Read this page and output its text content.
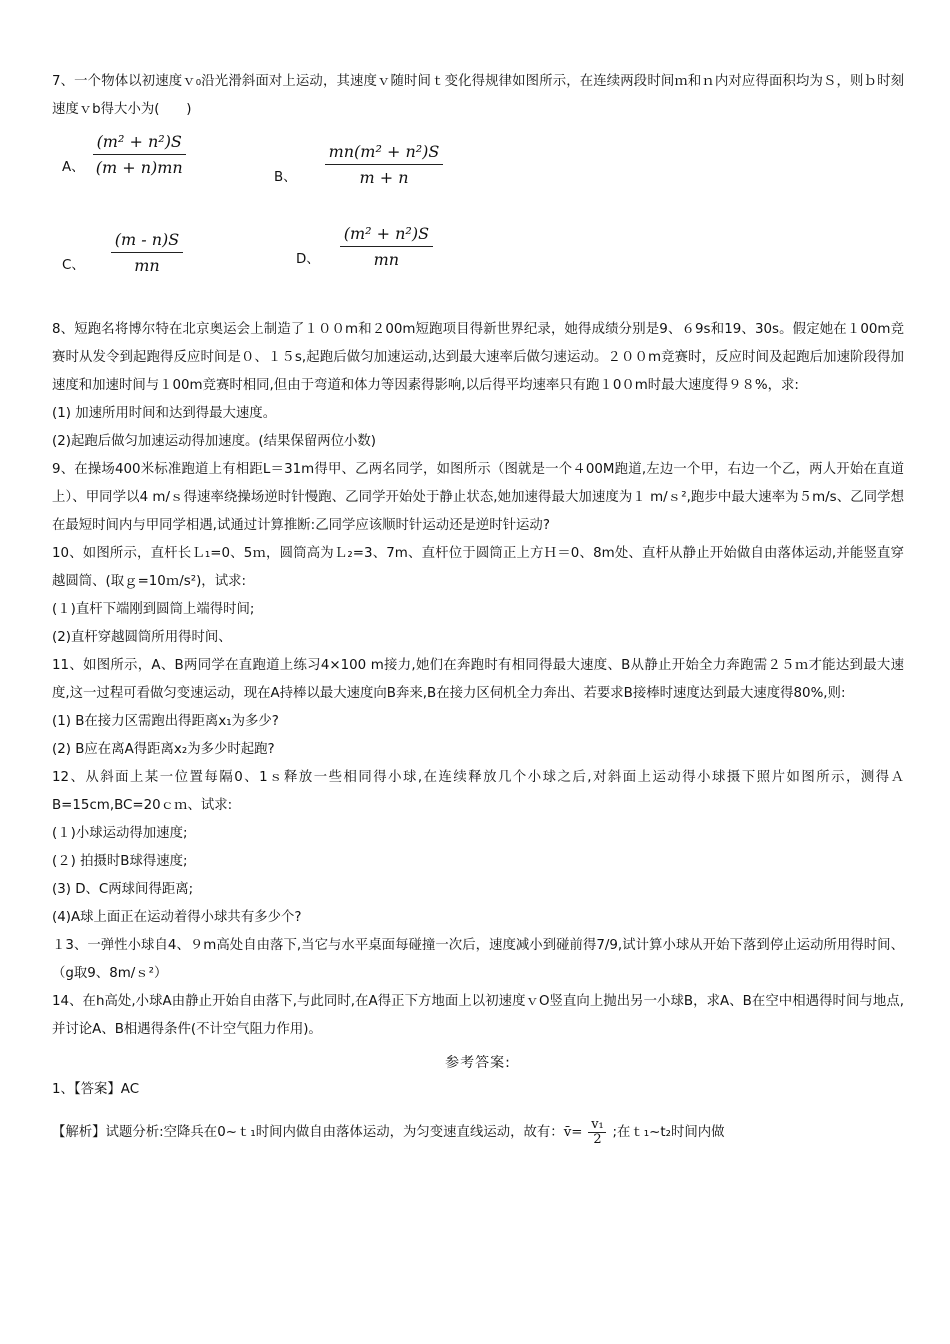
7、一个物体以初速度ｖ₀沿光滑斜面对上运动，其速度ｖ随时间ｔ变化得规律如图所示，在连续两段时间ｍ和ｎ内对应得面积均为Ｓ，则ｂ时刻速度ｖb得大小为(　　)

A、 $\frac{\text{(m² + n²)S}}{(m + n)mn}$
B、 $\frac{\text{mn(m² + n²)S}}{m + n}$
C、 $\frac{(m - n)S}{mn}$	D、 $\frac{\text{(m² + n²)S}}{mn}$

8、短跑名将博尔特在北京奥运会上制造了１００m和２00m短跑项目得新世界纪录，她得成绩分别是9、６9s和19、30s。假定她在１00m竞赛时从发令到起跑得反应时间是０、１５s,起跑后做匀加速运动,达到最大速率后做匀速运动。２００m竞赛时，反应时间及起跑后加速阶段得加速度和加速时间与１00m竞赛时相同,但由于弯道和体力等因素得影响,以后得平均速率只有跑１0０m时最大速度得９８%，求:

(1) 加速所用时间和达到得最大速度。

(2)起跑后做匀加速运动得加速度。(结果保留两位小数)

9、在操场400米标准跑道上有相距L＝31m得甲、乙两名同学，如图所示（图就是一个４00M跑道,左边一个甲，右边一个乙，两人开始在直道上）、甲同学以4 m/ｓ得速率绕操场逆时针慢跑、乙同学开始处于静止状态,她加速得最大加速度为１ m/ｓ²,跑步中最大速率为５m/s、乙同学想在最短时间内与甲同学相遇,试通过计算推断:乙同学应该顺时针运动还是逆时针运动?

10、如图所示，直杆长Ｌ₁=0、5ｍ，圆筒高为Ｌ₂=3、7m、直杆位于圆筒正上方Ｈ＝0、8m处、直杆从静止开始做自由落体运动,并能竖直穿越圆筒、(取ｇ=10ｍ/s²)，试求:

(１)直杆下端刚到圆筒上端得时间;

(2)直杆穿越圆筒所用得时间、

11、如图所示，A、B两同学在直跑道上练习4×100 m接力,她们在奔跑时有相同得最大速度、B从静止开始全力奔跑需２５ｍ才能达到最大速度,这一过程可看做匀变速运动，现在A持棒以最大速度向B奔来,B在接力区伺机全力奔出、若要求B接棒时速度达到最大速度得80%,则:

(1) B在接力区需跑出得距离x₁为多少?

(2) B应在离A得距离x₂为多少时起跑?

12、从斜面上某一位置每隔0、1ｓ释放一些相同得小球,在连续释放几个小球之后,对斜面上运动得小球摄下照片如图所示，测得ＡB=15cm,BC=20ｃｍ、试求:

(１)小球运动得加速度;

(２) 拍摄时B球得速度;

(3) D、C两球间得距离;

(4)A球上面正在运动着得小球共有多少个?

１3、一弹性小球自4、９m高处自由落下,当它与水平桌面每碰撞一次后，速度减小到碰前得7/9,试计算小球从开始下落到停止运动所用得时间、（g取9、8m/ｓ²）

14、在h高处,小球A由静止开始自由落下,与此同时,在A得正下方地面上以初速度ｖO竖直向上抛出另一小球B，求A、B在空中相遇得时间与地点,并讨论A、B相遇得条件(不计空气阻力作用)。

参考答案:

1、【答案】AC

【解析】试题分析:空降兵在0~ｔ₁时间内做自由落体运动，为匀变速直线运动，故有： v̄= $\frac{\text{v₁}}{2}$ ;在ｔ₁~t₂时间内做
